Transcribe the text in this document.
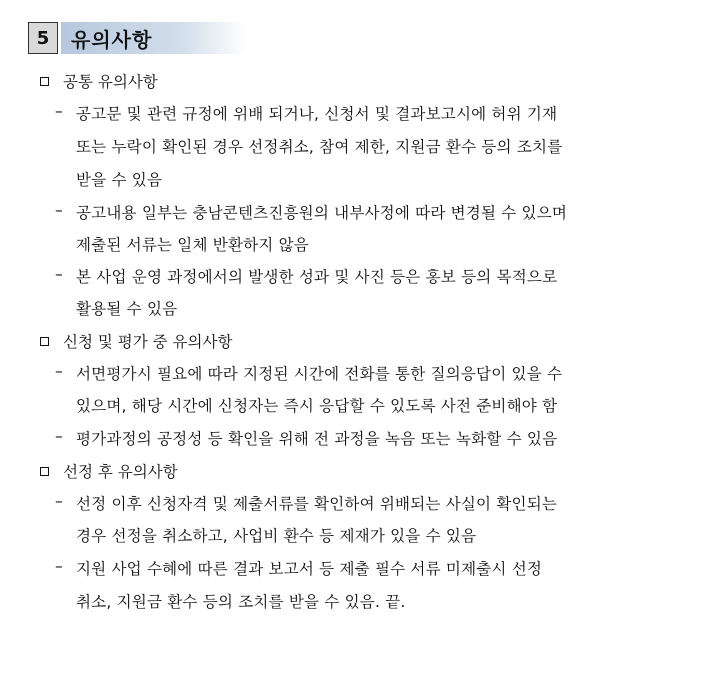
5	유의사항
공통 유의사항
– 공고문 및 관련 규정에 위배 되거나, 신청서 및 결과보고시에 허위 기재
또는 누락이 확인된 경우 선정취소, 참여 제한, 지원금 환수 등의 조치를
받을 수 있음
– 공고내용 일부는 충남콘텐츠진흥원의 내부사정에 따라 변경될 수 있으며
제출된 서류는 일체 반환하지 않음
– 본 사업 운영 과정에서의 발생한 성과 및 사진 등은 홍보 등의 목적으로
활용될 수 있음
신청 및 평가 중 유의사항
– 서면평가시 필요에 따라 지정된 시간에 전화를 통한 질의응답이 있을 수
있으며, 해당 시간에 신청자는 즉시 응답할 수 있도록 사전 준비해야 함
– 평가과정의 공정성 등 확인을 위해 전 과정을 녹음 또는 녹화할 수 있음
선정 후 유의사항
– 선정 이후 신청자격 및 제출서류를 확인하여 위배되는 사실이 확인되는
경우 선정을 취소하고, 사업비 환수 등 제재가 있을 수 있음
– 지원 사업 수혜에 따른 결과 보고서 등 제출 필수 서류 미제출시 선정
취소, 지원금 환수 등의 조치를 받을 수 있음. 끝.
